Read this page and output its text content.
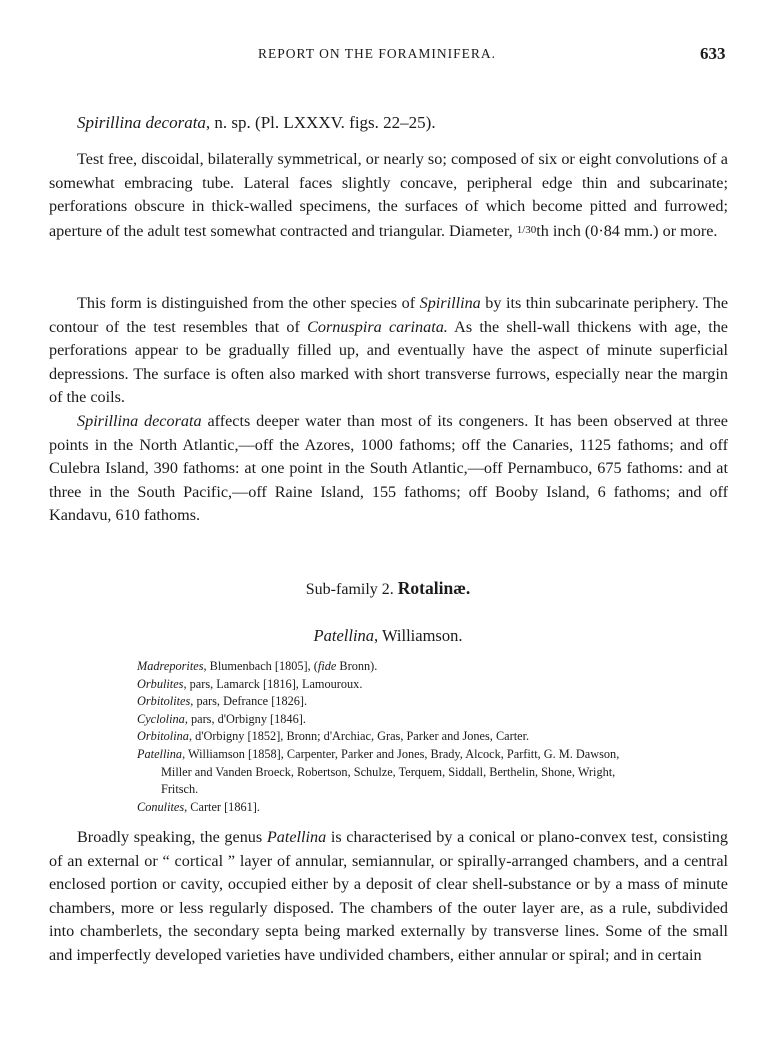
REPORT ON THE FORAMINIFERA.	633
Spirillina decorata, n. sp. (Pl. LXXXV. figs. 22–25).

Test free, discoidal, bilaterally symmetrical, or nearly so; composed of six or eight convolutions of a somewhat embracing tube. Lateral faces slightly concave, peripheral edge thin and subcarinate; perforations obscure in thick-walled specimens, the surfaces of which become pitted and furrowed; aperture of the adult test somewhat contracted and triangular. Diameter, 1/30th inch (0·84 mm.) or more.

This form is distinguished from the other species of Spirillina by its thin subcarinate periphery. The contour of the test resembles that of Cornuspira carinata. As the shell-wall thickens with age, the perforations appear to be gradually filled up, and eventually have the aspect of minute superficial depressions. The surface is often also marked with short transverse furrows, especially near the margin of the coils.

Spirillina decorata affects deeper water than most of its congeners. It has been observed at three points in the North Atlantic,—off the Azores, 1000 fathoms; off the Canaries, 1125 fathoms; and off Culebra Island, 390 fathoms: at one point in the South Atlantic,—off Pernambuco, 675 fathoms: and at three in the South Pacific,—off Raine Island, 155 fathoms; off Booby Island, 6 fathoms; and off Kandavu, 610 fathoms.

Sub-family 2. Rotalinæ.
Patellina, Williamson.
Madreporites, Blumenbach [1805], (fide Bronn).
Orbulites, pars, Lamarck [1816], Lamouroux.
Orbitolites, pars, Defrance [1826].
Cyclolina, pars, d'Orbigny [1846].
Orbitolina, d'Orbigny [1852], Bronn; d'Archiac, Gras, Parker and Jones, Carter.
Patellina, Williamson [1858], Carpenter, Parker and Jones, Brady, Alcock, Parfitt, G. M. Dawson,
Miller and Vanden Broeck, Robertson, Schulze, Terquem, Siddall, Berthelin, Shone, Wright,
Fritsch.
Conulites, Carter [1861].

Broadly speaking, the genus Patellina is characterised by a conical or plano-convex test, consisting of an external or “ cortical ” layer of annular, semiannular, or spirally-arranged chambers, and a central enclosed portion or cavity, occupied either by a deposit of clear shell-substance or by a mass of minute chambers, more or less regularly disposed. The chambers of the outer layer are, as a rule, subdivided into chamberlets, the secondary septa being marked externally by transverse lines. Some of the small and imperfectly developed varieties have undivided chambers, either annular or spiral; and in certain
